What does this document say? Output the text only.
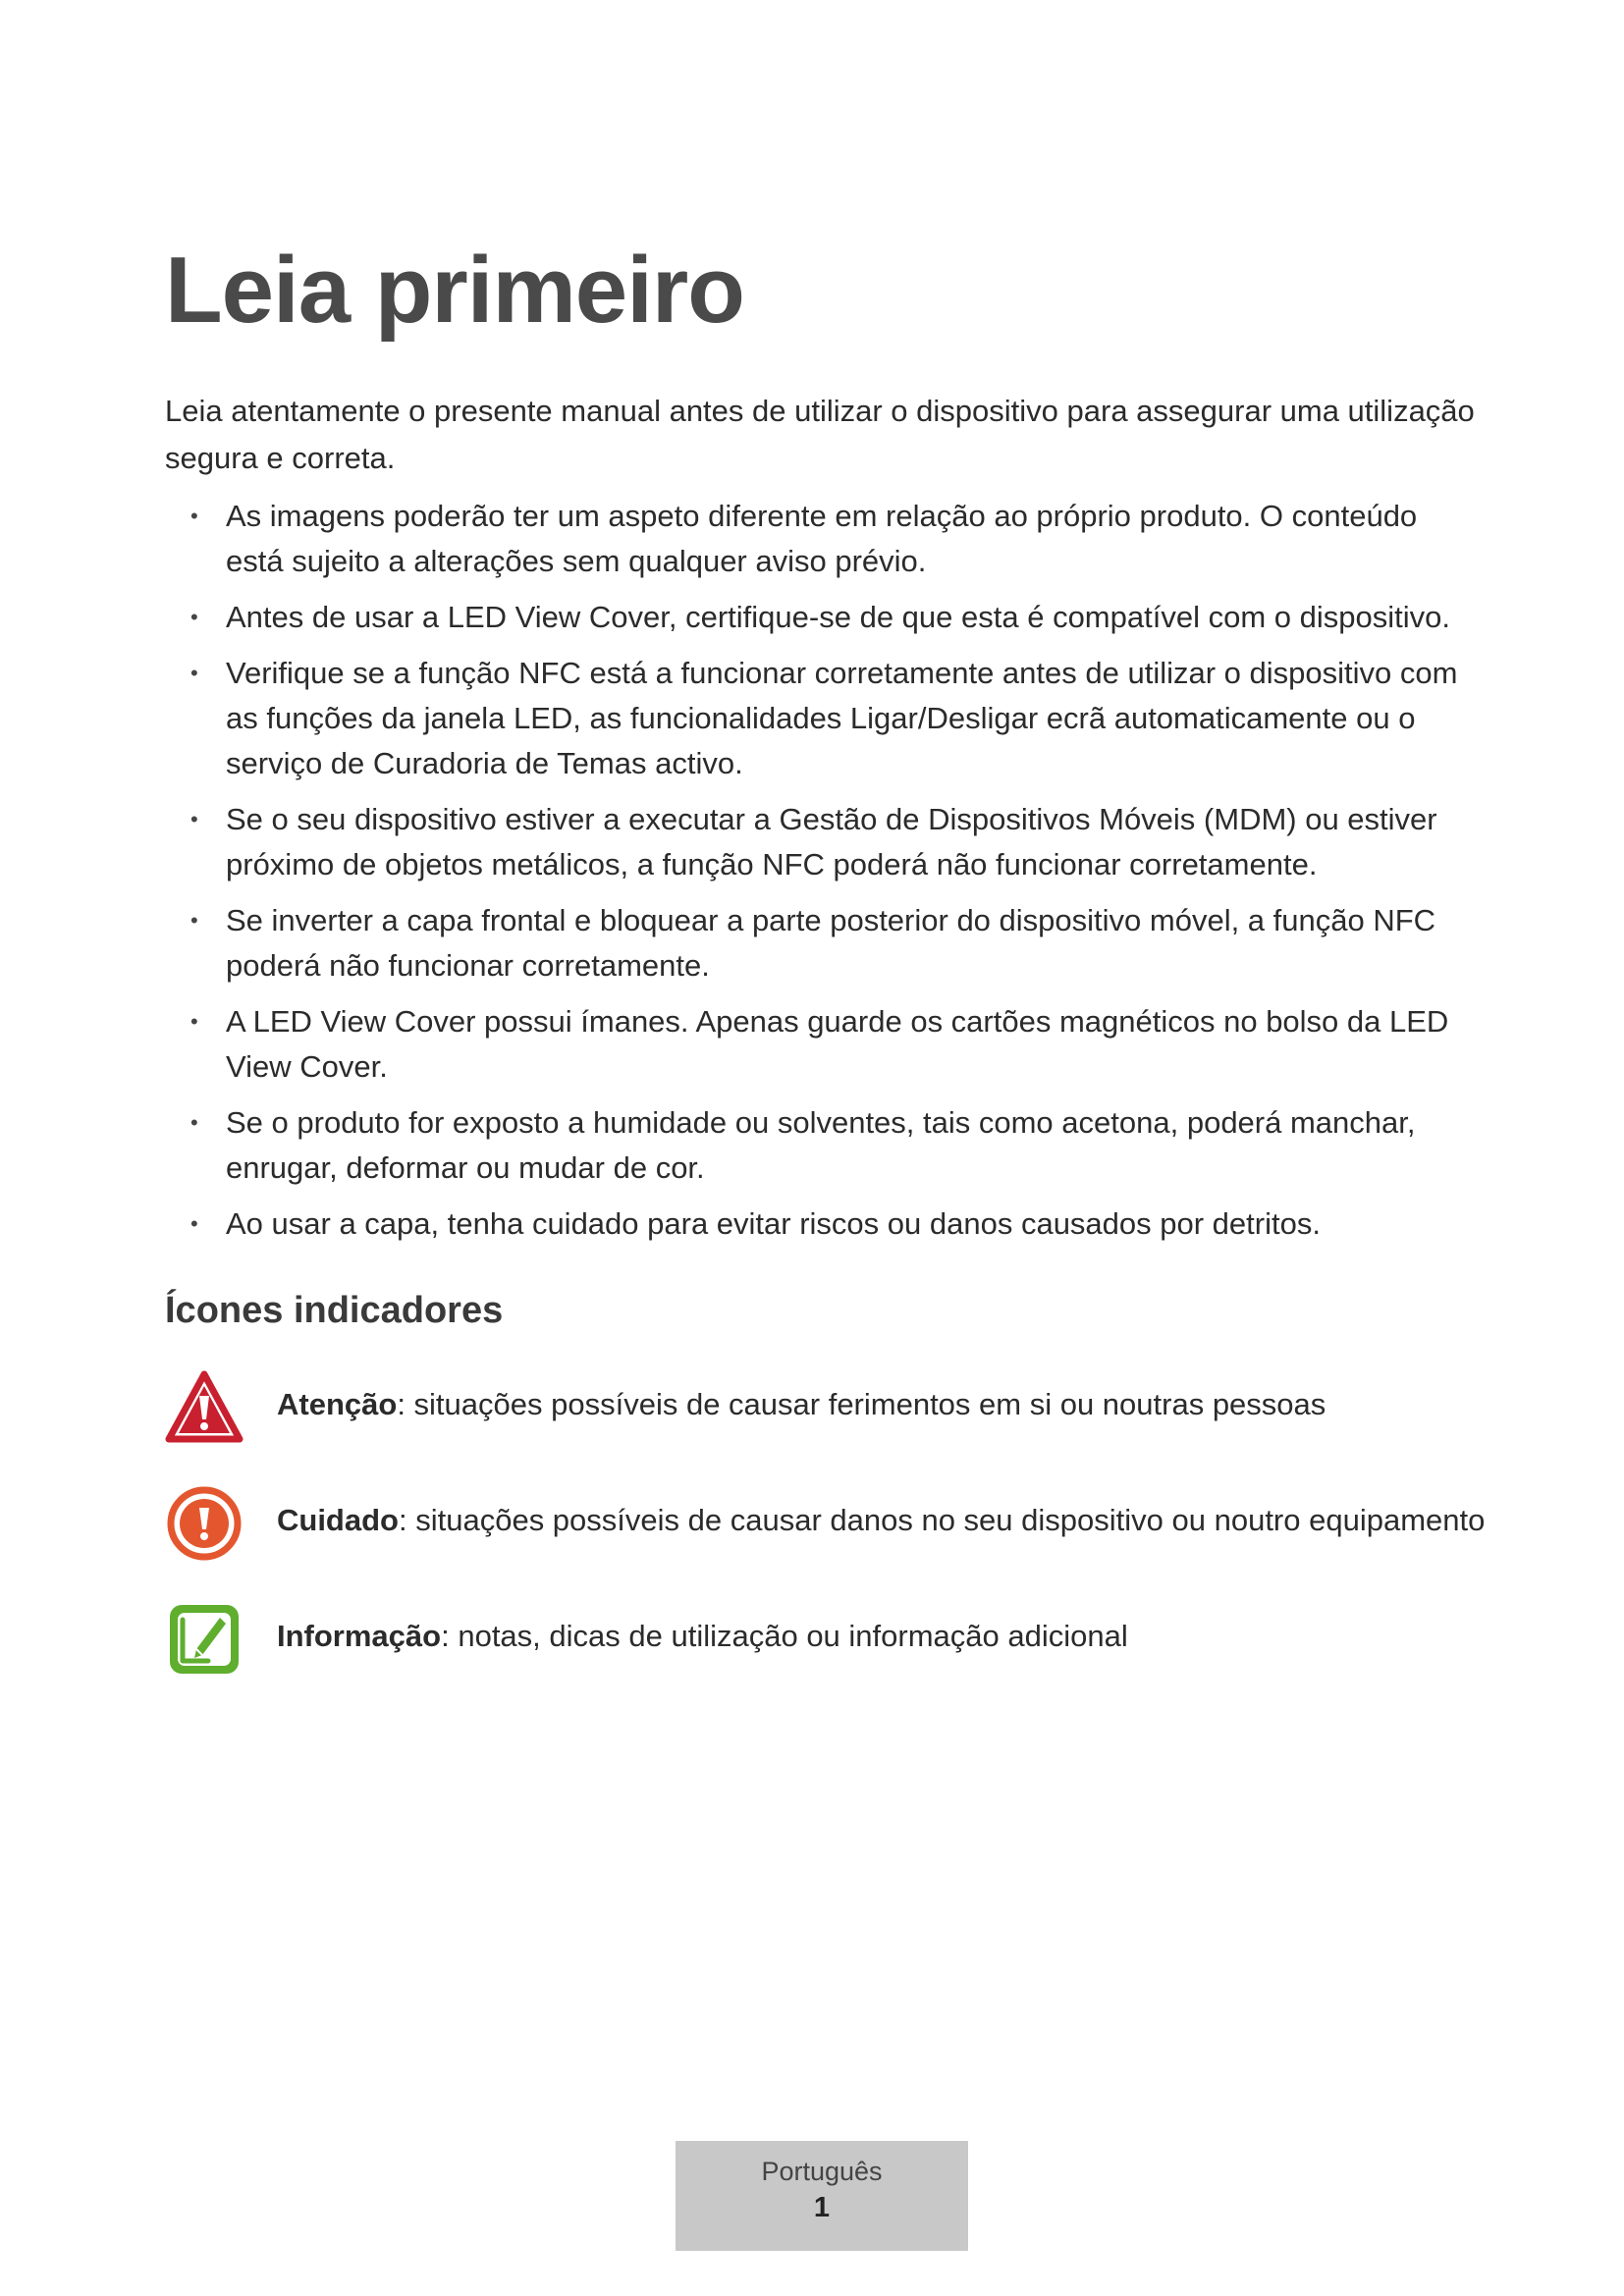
Leia primeiro

Leia atentamente o presente manual antes de utilizar o dispositivo para assegurar uma utilização segura e correta.

• As imagens poderão ter um aspeto diferente em relação ao próprio produto. O conteúdo está sujeito a alterações sem qualquer aviso prévio.
• Antes de usar a LED View Cover, certifique-se de que esta é compatível com o dispositivo.
• Verifique se a função NFC está a funcionar corretamente antes de utilizar o dispositivo com as funções da janela LED, as funcionalidades Ligar/Desligar ecrã automaticamente ou o serviço de Curadoria de Temas activo.
• Se o seu dispositivo estiver a executar a Gestão de Dispositivos Móveis (MDM) ou estiver próximo de objetos metálicos, a função NFC poderá não funcionar corretamente.
• Se inverter a capa frontal e bloquear a parte posterior do dispositivo móvel, a função NFC poderá não funcionar corretamente.
• A LED View Cover possui ímanes. Apenas guarde os cartões magnéticos no bolso da LED View Cover.
• Se o produto for exposto a humidade ou solventes, tais como acetona, poderá manchar, enrugar, deformar ou mudar de cor.
• Ao usar a capa, tenha cuidado para evitar riscos ou danos causados por detritos.
Ícones indicadores
Atenção: situações possíveis de causar ferimentos em si ou noutras pessoas
Cuidado: situações possíveis de causar danos no seu dispositivo ou noutro equipamento
Informação: notas, dicas de utilização ou informação adicional
Português
1
